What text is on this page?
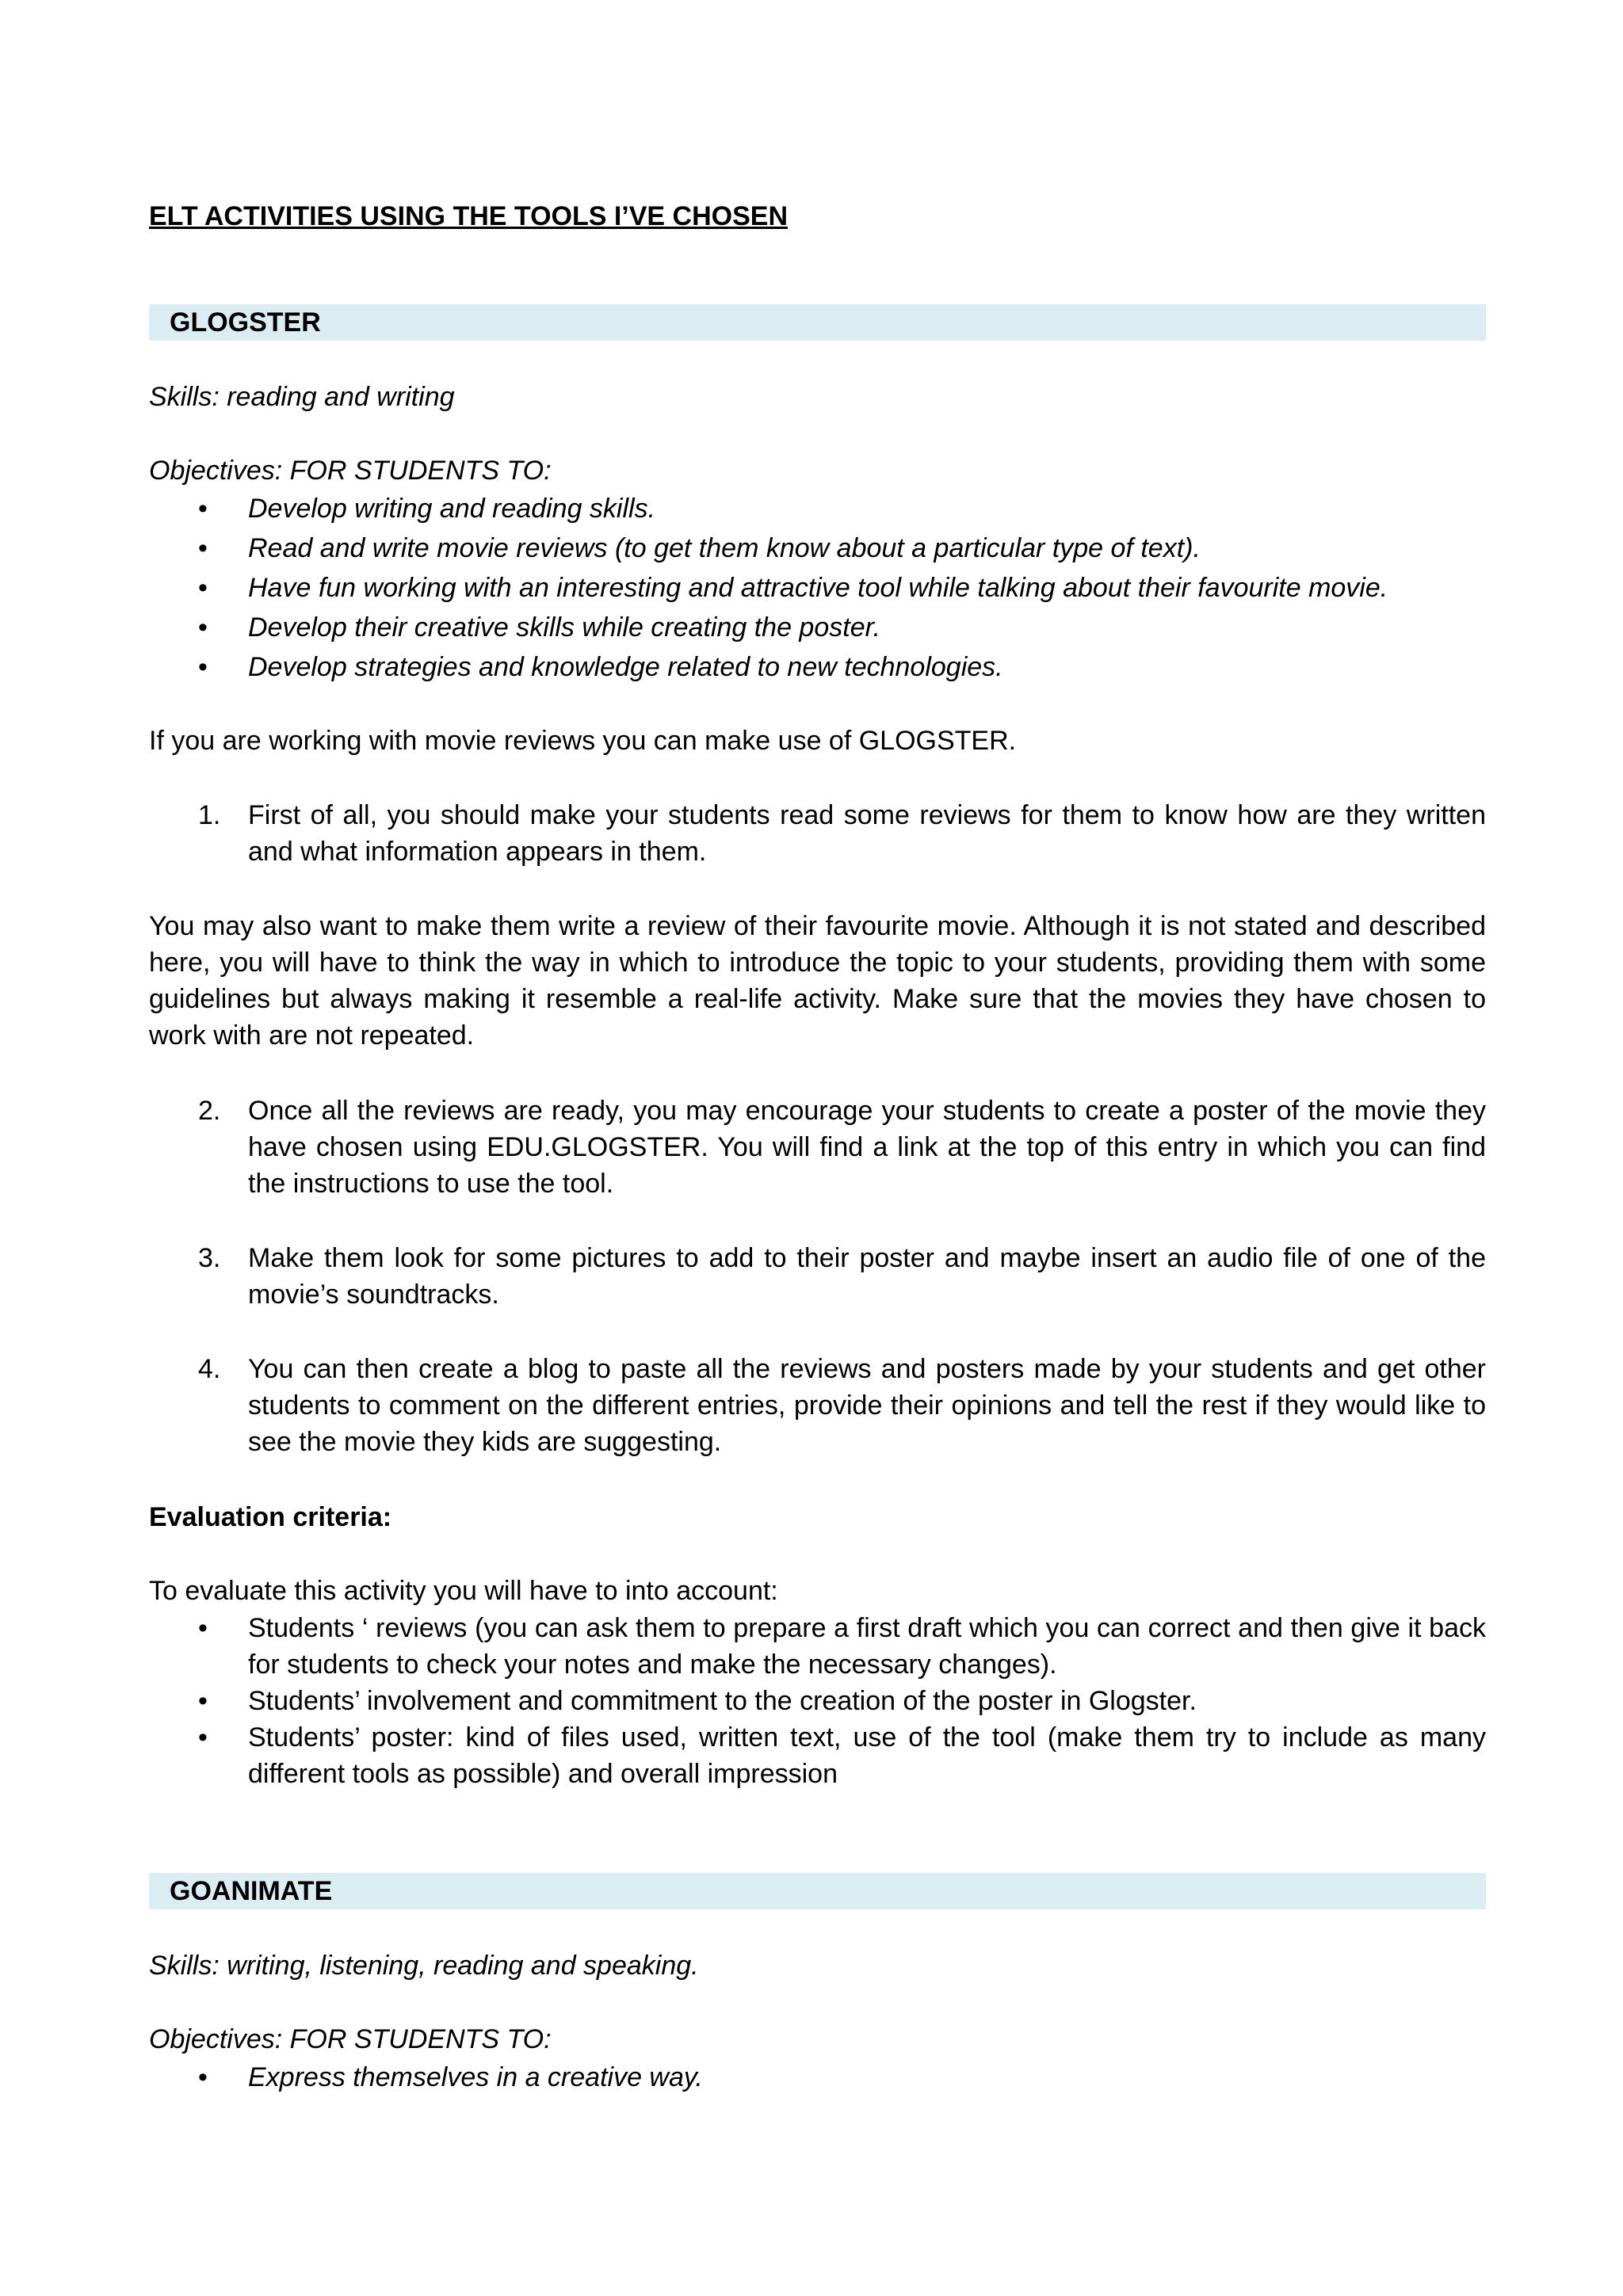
ELT ACTIVITIES USING THE TOOLS I’VE CHOSEN
GLOGSTER
Skills: reading and writing
Objectives: FOR STUDENTS TO:
• Develop writing and reading skills.
• Read and write movie reviews (to get them know about a particular type of text).
• Have fun working with an interesting and attractive tool while talking about their favourite movie.
• Develop their creative skills while creating the poster.
• Develop strategies and knowledge related to new technologies.
If you are working with movie reviews you can make use of GLOGSTER.
1. First of all, you should make your students read some reviews for them to know how are they written and what information appears in them.
You may also want to make them write a review of their favourite movie. Although it is not stated and described here, you will have to think the way in which to introduce the topic to your students, providing them with some guidelines but always making it resemble a real-life activity. Make sure that the movies they have chosen to work with are not repeated.
2. Once all the reviews are ready, you may encourage your students to create a poster of the movie they have chosen using EDU.GLOGSTER. You will find a link at the top of this entry in which you can find the instructions to use the tool.
3. Make them look for some pictures to add to their poster and maybe insert an audio file of one of the movie’s soundtracks.
4. You can then create a blog to paste all the reviews and posters made by your students and get other students to comment on the different entries, provide their opinions and tell the rest if they would like to see the movie they kids are suggesting.
Evaluation criteria:
To evaluate this activity you will have to into account:
• Students ‘ reviews (you can ask them to prepare a first draft which you can correct and then give it back for students to check your notes and make the necessary changes).
• Students’ involvement and commitment to the creation of the poster in Glogster.
• Students’ poster: kind of files used, written text, use of the tool (make them try to include as many different tools as possible) and overall impression
GOANIMATE
Skills: writing, listening, reading and speaking.
Objectives: FOR STUDENTS TO:
• Express themselves in a creative way.
